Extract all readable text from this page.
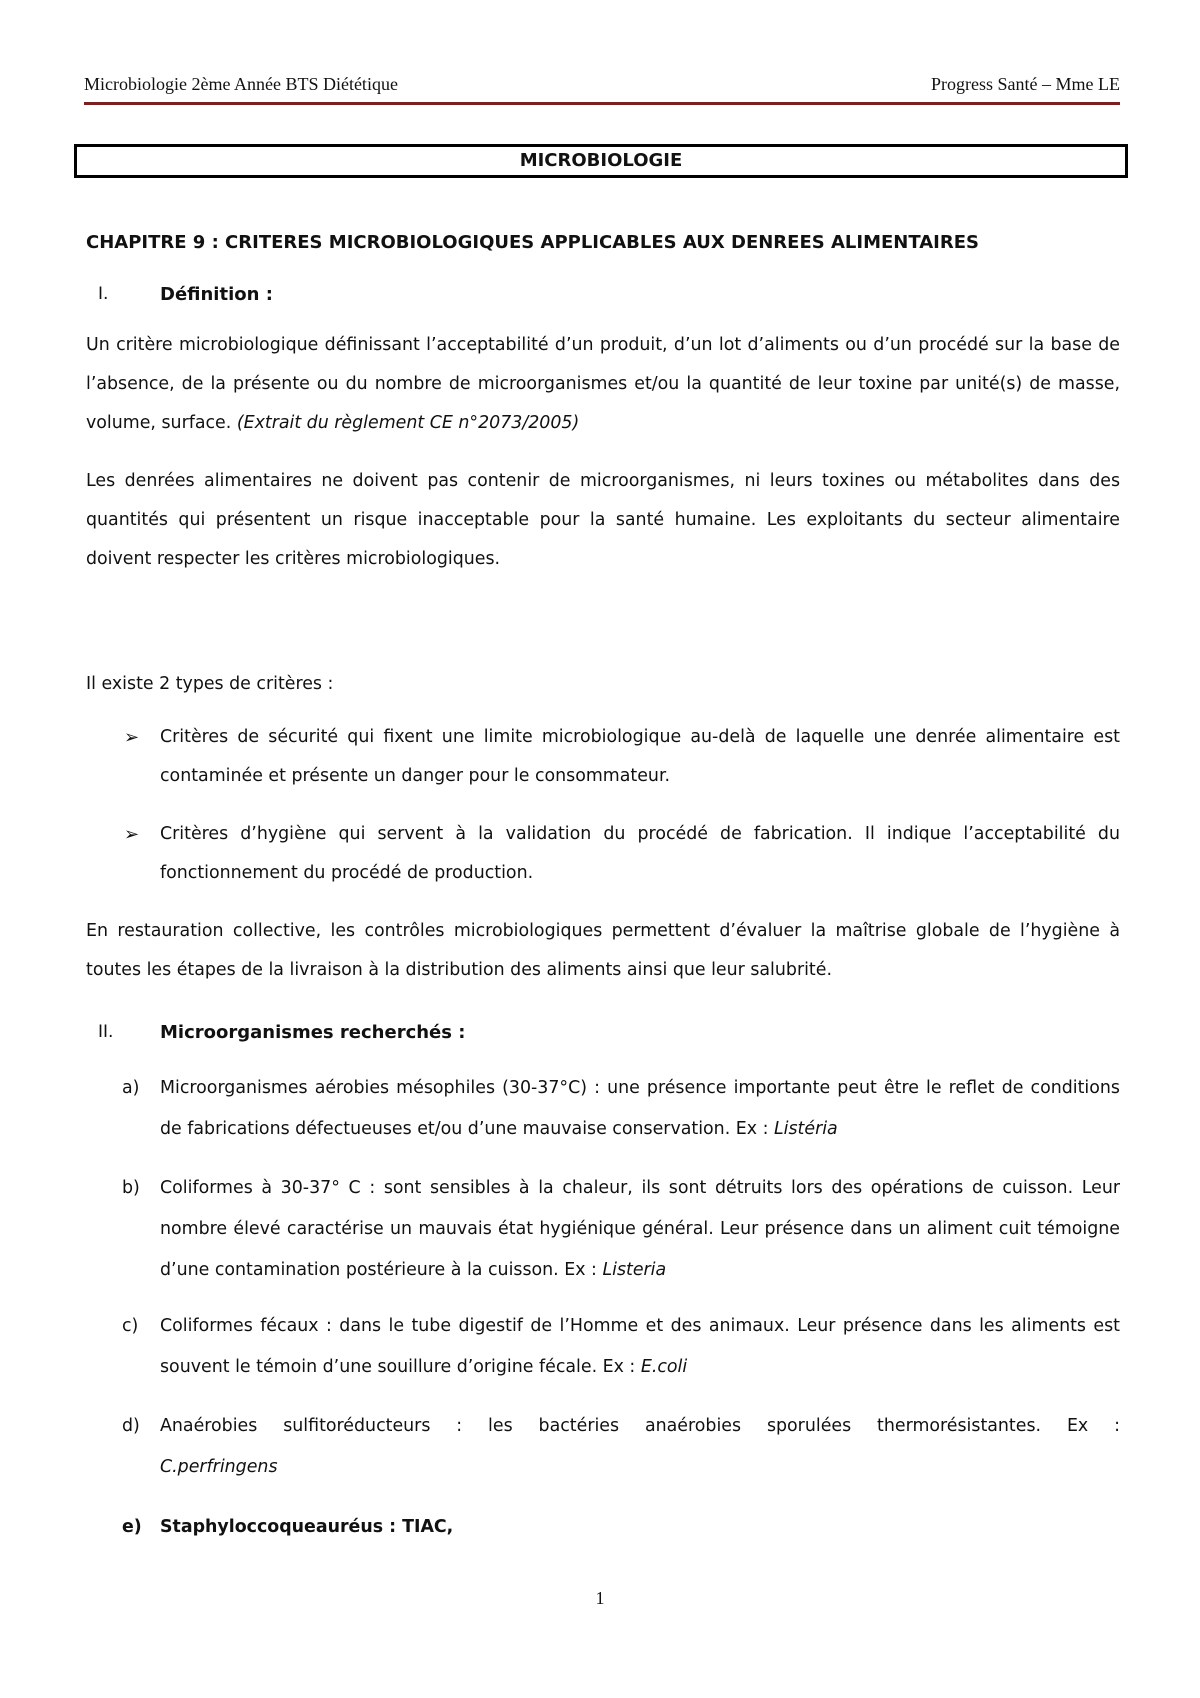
Microbiologie 2ème Année BTS Diététique	Progress Santé – Mme LE
MICROBIOLOGIE
CHAPITRE 9 : CRITERES MICROBIOLOGIQUES APPLICABLES AUX DENREES ALIMENTAIRES
I.	Définition :
Un critère microbiologique définissant l’acceptabilité d’un produit, d’un lot d’aliments ou d’un procédé sur la base de l’absence, de la présente ou du nombre de microorganismes et/ou la quantité de leur toxine par unité(s) de masse, volume, surface. (Extrait du règlement CE n°2073/2005)
Les denrées alimentaires ne doivent pas contenir de microorganismes, ni leurs toxines ou métabolites dans des quantités qui présentent un risque inacceptable pour la santé humaine. Les exploitants du secteur alimentaire doivent respecter les critères microbiologiques.
Il existe 2 types de critères :
➢ Critères de sécurité qui fixent une limite microbiologique au-delà de laquelle une denrée alimentaire est contaminée et présente un danger pour le consommateur.
➢ Critères d’hygiène qui servent à la validation du procédé de fabrication. Il indique l’acceptabilité du fonctionnement du procédé de production.
En restauration collective, les contrôles microbiologiques permettent d’évaluer la maîtrise globale de l’hygiène à toutes les étapes de la livraison à la distribution des aliments ainsi que leur salubrité.
II.	Microorganismes recherchés :
a) Microorganismes aérobies mésophiles (30-37°C) : une présence importante peut être le reflet de conditions de fabrications défectueuses et/ou d’une mauvaise conservation. Ex : Listéria
b) Coliformes à 30-37° C : sont sensibles à la chaleur, ils sont détruits lors des opérations de cuisson. Leur nombre élevé caractérise un mauvais état hygiénique général. Leur présence dans un aliment cuit témoigne d’une contamination postérieure à la cuisson. Ex : Listeria
c) Coliformes fécaux : dans le tube digestif de l’Homme et des animaux. Leur présence dans les aliments est souvent le témoin d’une souillure d’origine fécale. Ex : E.coli
d) Anaérobies sulfitoréducteurs : les bactéries anaérobies sporulées thermorésistantes. Ex :
C.perfringens
e) Staphyloccoqueauréus : TIAC,
1
